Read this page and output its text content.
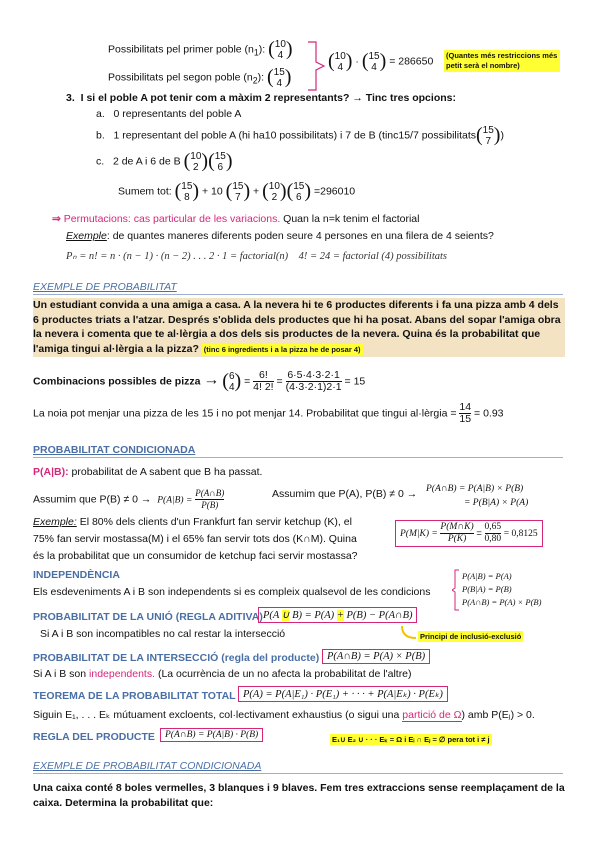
Possibilitats pel primer poble $(n_1)$: (10
4 )
Possibilitats pel segon poble $(n_2)$: (15
4 )
(10
4 ) · (15
4 ) = 286650 (Quantes més restriccions més petit serà el nombre)
3. I si el poble A pot tenir com a màxim 2 representants? → Tinc tres opcions:
a. 0 representants del poble A
b. 1 representant del poble A (hi ha10 possibilitats) i 7 de B (tinc15/7 possibilitats(15
7 ))
c. 2 de A i 6 de B (10
2 )(15
6 )
Sumem tot: (15
8 ) + 10 (15
7 ) + (10
2 )(15
6 ) =296010
⇒ Permutacions: cas particular de les variacions. Quan la n=k tenim el factorial
Exemple: de quantes maneres diferents poden seure 4 persones en una filera de 4 seients?
Pₙ = n! = n · (n − 1) · (n − 2) . . . 2 · 1 = factorial(n) 4! = 24 = factorial (4) possibilitats
EXEMPLE DE PROBABILITAT
Un estudiant convida a una amiga a casa. A la nevera hi te 6 productes diferents i fa una pizza amb 4 dels 6 productes triats a l'atzar. Després s'oblida dels productes que hi ha posat. Abans del sopar l'amiga obra la nevera i comenta que te al·lèrgia a dos dels sis productes de la nevera. Quina és la probabilitat que l'amiga tingui al·lèrgia a la pizza? (tinc 6 ingredients i a la pizza he de posar 4)
Combinacions possibles de pizza → (6
$4) = \frac{6!}{4! 2!} = \frac{6\cdot 5\cdot 4\cdot 3\cdot 2\cdot 1}{(4\cdot 3\cdot 2\cdot 1)2\cdot 1} = 15$
La noia pot menjar una pizza de les 15 i no pot menjar 14. Probabilitat que tingui al·lèrgia = $\frac{14}{15} = 0.93$
PROBABILITAT CONDICIONADA
P(A|B): probabilitat de A sabent que B ha passat.
Assumim que $P(B) \ne 0 \to P(A|B) = \frac{P(A\cap B)}{P(B)}$	Assumim que P(A), P(B) ≠ 0 → P(A∩B) = P(A|B) × P(B)
= P(B|A) × P(A)
Exemple: El 80% dels clients d'un Frankfurt fan servir ketchup (K), el
75% fan servir mostassa(M) i el 65% fan servir tots dos (K∩M). Quina
és la probabilitat que un consumidor de ketchup faci servir mostassa?
$P(M|K) = \frac{P(M\cap K)}{P(K)} = \frac{0,65}{0,80} = 0,8125$
INDEPENDÈNCIA
Els esdeveniments A i B son independents si es compleix qualsevol de les condicions
P(A|B) = P(A)
P(B|A) = P(B)
P(A∩B) = P(A) × P(B)
PROBABILITAT DE LA UNIÓ (REGLA ADITIVA) P(A ∪ B) = P(A) + P(B) − P(A∩B)
Si A i B son incompatibles no cal restar la intersecció	Principi de inclusió-exclusió
PROBABILITAT DE LA INTERSECCIÓ (regla del producte) P(A∩B) = P(A) × P(B)
Si A i B son independents. (La ocurrència de un no afecta la probabilitat de l'altre)
TEOREMA DE LA PROBABILITAT TOTAL P(A) = P(A|E₁) · P(E₁) + · · · + P(A|Eₖ) · P(Eₖ)
Siguin E₁, . . . Eₖ mútuament excloents, col·lectivament exhaustius (o sigui una partició de Ω) amb P(Eⱼ) > 0.
REGLA DEL PRODUCTE	P(A∩B) = P(A|B) · P(B)	E₁∪ E₂ ∪ · · · Eₖ = Ω i Eᵢ ∩ Eⱼ = ∅ pera tot i ≠ j
EXEMPLE DE PROBABILITAT CONDICIONADA
Una caixa conté 8 boles vermelles, 3 blanques i 9 blaves. Fem tres extraccions sense reemplaçament de la caixa. Determina la probabilitat que:
